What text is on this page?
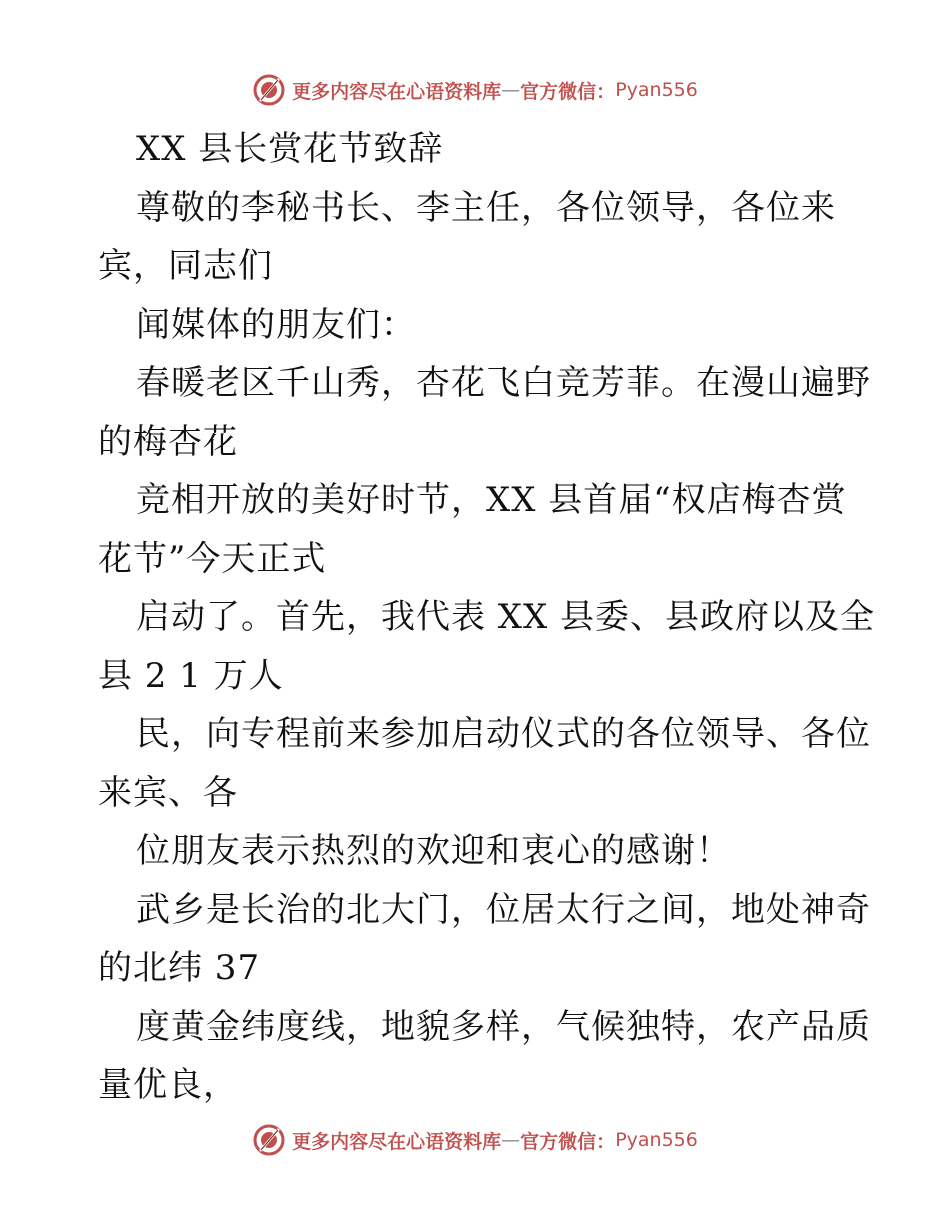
更多内容尽在心语资料库 — 官方微信： Pyan556
XX 县长赏花节致辞
尊敬的李秘书长、李主任，各位领导，各位来
宾，同志们
闻媒体的朋友们：
春暖老区千山秀，杏花飞白竞芳菲。在漫山遍野
的梅杏花
竞相开放的美好时节，XX 县首届“权店梅杏赏
花节”今天正式
启动了。首先，我代表 XX 县委、县政府以及全
县 2 1 万人
民，向专程前来参加启动仪式的各位领导、各位
来宾、各
位朋友表示热烈的欢迎和衷心的感谢！
武乡是长治的北大门，位居太行之间，地处神奇
的北纬 37
度黄金纬度线，地貌多样，气候独特，农产品质
量优良，
更多内容尽在心语资料库 — 官方微信： Pyan556
